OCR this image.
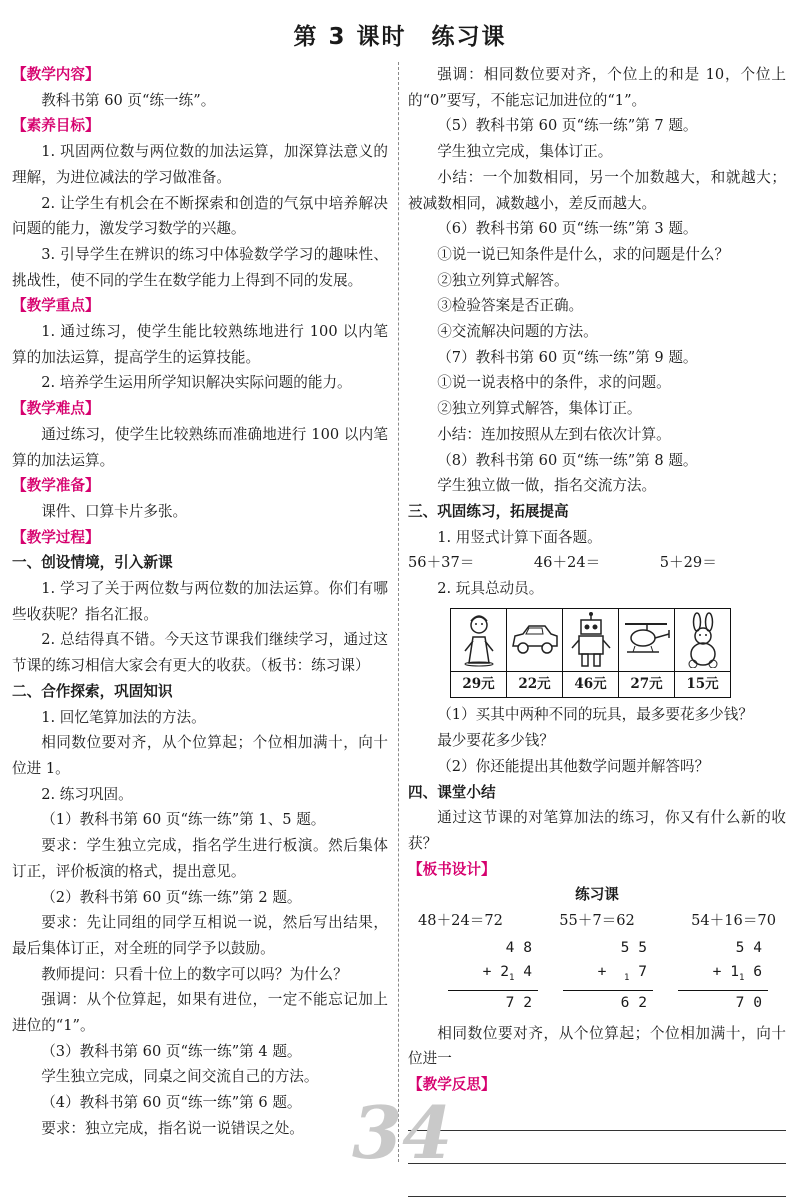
第 3 课时　练习课

【教学内容】

教科书第 60 页“练一练”。

【素养目标】

1. 巩固两位数与两位数的加法运算，加深算法意义的理解，为进位减法的学习做准备。

2. 让学生有机会在不断探索和创造的气氛中培养解决问题的能力，激发学习数学的兴趣。

3. 引导学生在辨识的练习中体验数学学习的趣味性、挑战性，使不同的学生在数学能力上得到不同的发展。

【教学重点】

1. 通过练习，使学生能比较熟练地进行 100 以内笔算的加法运算，提高学生的运算技能。

2. 培养学生运用所学知识解决实际问题的能力。

【教学难点】

通过练习，使学生比较熟练而准确地进行 100 以内笔算的加法运算。

【教学准备】

课件、口算卡片多张。

【教学过程】

一、创设情境，引入新课

1. 学习了关于两位数与两位数的加法运算。你们有哪些收获呢？指名汇报。

2. 总结得真不错。今天这节课我们继续学习，通过这节课的练习相信大家会有更大的收获。（板书：练习课）

二、合作探索，巩固知识

1. 回忆笔算加法的方法。

相同数位要对齐，从个位算起；个位相加满十，向十位进 1。

2. 练习巩固。

（1）教科书第 60 页“练一练”第 1、5 题。

要求：学生独立完成，指名学生进行板演。然后集体订正，评价板演的格式，提出意见。

（2）教科书第 60 页“练一练”第 2 题。

要求：先让同组的同学互相说一说，然后写出结果，最后集体订正，对全班的同学予以鼓励。

教师提问：只看十位上的数字可以吗？为什么？

强调：从个位算起，如果有进位，一定不能忘记加上进位的“1”。

（3）教科书第 60 页“练一练”第 4 题。

学生独立完成，同桌之间交流自己的方法。

（4）教科书第 60 页“练一练”第 6 题。

要求：独立完成，指名说一说错误之处。

强调：相同数位要对齐，个位上的和是 10，个位上的“0”要写，不能忘记加进位的“1”。

（5）教科书第 60 页“练一练”第 7 题。

学生独立完成，集体订正。

小结：一个加数相同，另一个加数越大，和就越大；被减数相同，减数越小，差反而越大。

（6）教科书第 60 页“练一练”第 3 题。

①说一说已知条件是什么，求的问题是什么？

②独立列算式解答。

③检验答案是否正确。

④交流解决问题的方法。

（7）教科书第 60 页“练一练”第 9 题。

①说一说表格中的条件，求的问题。

②独立列算式解答，集体订正。

小结：连加按照从左到右依次计算。

（8）教科书第 60 页“练一练”第 8 题。

学生独立做一做，指名交流方法。

三、巩固练习，拓展提高

1. 用竖式计算下面各题。

56＋37＝	46＋24＝	5＋29＝

2. 玩具总动员。

29元	22元	46元	27元	15元

（1）买其中两种不同的玩具，最多要花多少钱？

最少要花多少钱？

（2）你还能提出其他数学问题并解答吗？

四、课堂小结

通过这节课的对笔算加法的练习，你又有什么新的收获？

【板书设计】

练习课

48＋24＝72	55＋7＝62	54＋16＝70
4 8
+ $2_1$ 4
7 2
5 5
+  $_1$ 7
6 2
5 4
+ $1_1$ 6
7 0

相同数位要对齐，从个位算起；个位相加满十，向十位进一

【教学反思】

34
